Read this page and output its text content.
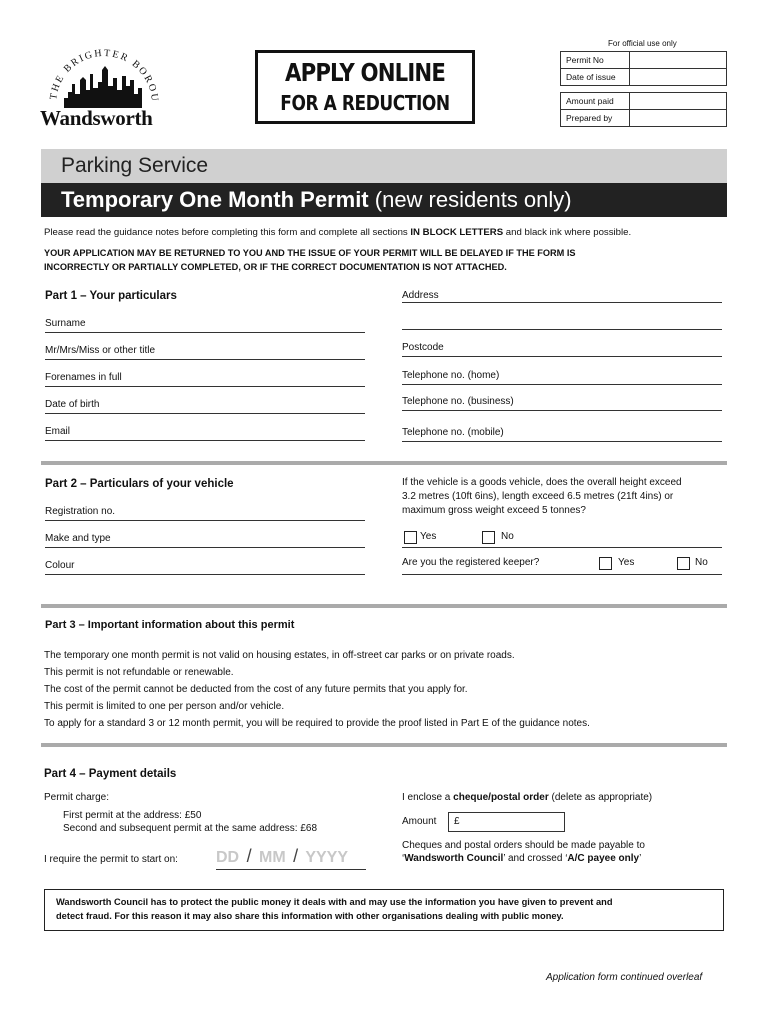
THE BRIGHTER BOROU
Wandsworth
APPLY ONLINE
FOR A REDUCTION
For official use only
Permit No
Date of issue
Amount paid
Prepared by
Parking Service
Temporary One Month Permit (new residents only)
Please read the guidance notes before completing this form and complete all sections IN BLOCK LETTERS and black ink where possible.
YOUR APPLICATION MAY BE RETURNED TO YOU AND THE ISSUE OF YOUR PERMIT WILL BE DELAYED IF THE FORM IS
INCORRECTLY OR PARTIALLY COMPLETED, OR IF THE CORRECT DOCUMENTATION IS NOT ATTACHED.
Part 1 – Your particulars
Surname
Mr/Mrs/Miss or other title
Forenames in full
Date of birth
Email
Address
Postcode
Telephone no. (home)
Telephone no. (business)
Telephone no. (mobile)
Part 2 – Particulars of your vehicle
Registration no.
Make and type
Colour
If the vehicle is a goods vehicle, does the overall height exceed
3.2 metres (10ft 6ins), length exceed 6.5 metres (21ft 4ins) or
maximum gross weight exceed 5 tonnes?
Yes	No
Are you the registered keeper?	Yes	No
Part 3 – Important information about this permit
The temporary one month permit is not valid on housing estates, in off-street car parks or on private roads.
This permit is not refundable or renewable.
The cost of the permit cannot be deducted from the cost of any future permits that you apply for.
This permit is limited to one per person and/or vehicle.
To apply for a standard 3 or 12 month permit, you will be required to provide the proof listed in Part E of the guidance notes.
Part 4 – Payment details
Permit charge:
First permit at the address: £50
Second and subsequent permit at the same address: £68
I require the permit to start on: DD / MM / YYYY
I enclose a cheque/postal order (delete as appropriate)
Amount £
Cheques and postal orders should be made payable to
‘Wandsworth Council’ and crossed ‘A/C payee only’
Wandsworth Council has to protect the public money it deals with and may use the information you have given to prevent and
detect fraud. For this reason it may also share this information with other organisations dealing with public money.
Application form continued overleaf
